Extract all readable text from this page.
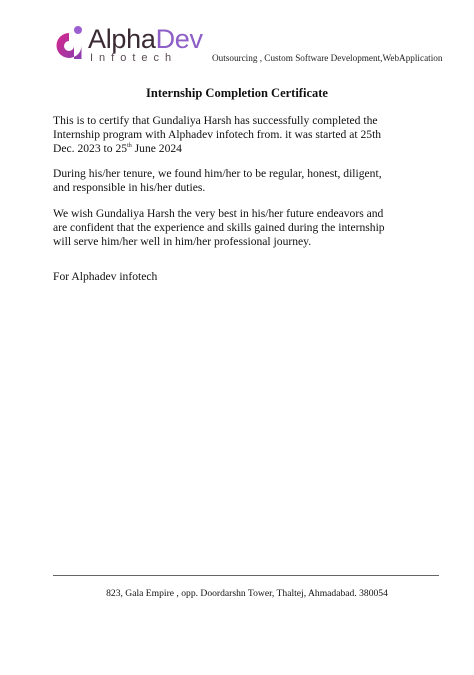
AlphaDev
Infotech	Outsourcing , Custom Software Development,WebApplication
Internship Completion Certificate
This is to certify that Gundaliya Harsh has successfully completed the Internship program with Alphadev infotech from. it was started at 25th Dec. 2023 to 25th June 2024
During his/her tenure, we found him/her to be regular, honest, diligent, and responsible in his/her duties.
We wish Gundaliya Harsh the very best in his/her future endeavors and are confident that the experience and skills gained during the internship will serve him/her well in him/her professional journey.
For Alphadev infotech
823, Gala Empire , opp. Doordarshn Tower, Thaltej, Ahmadabad. 380054
